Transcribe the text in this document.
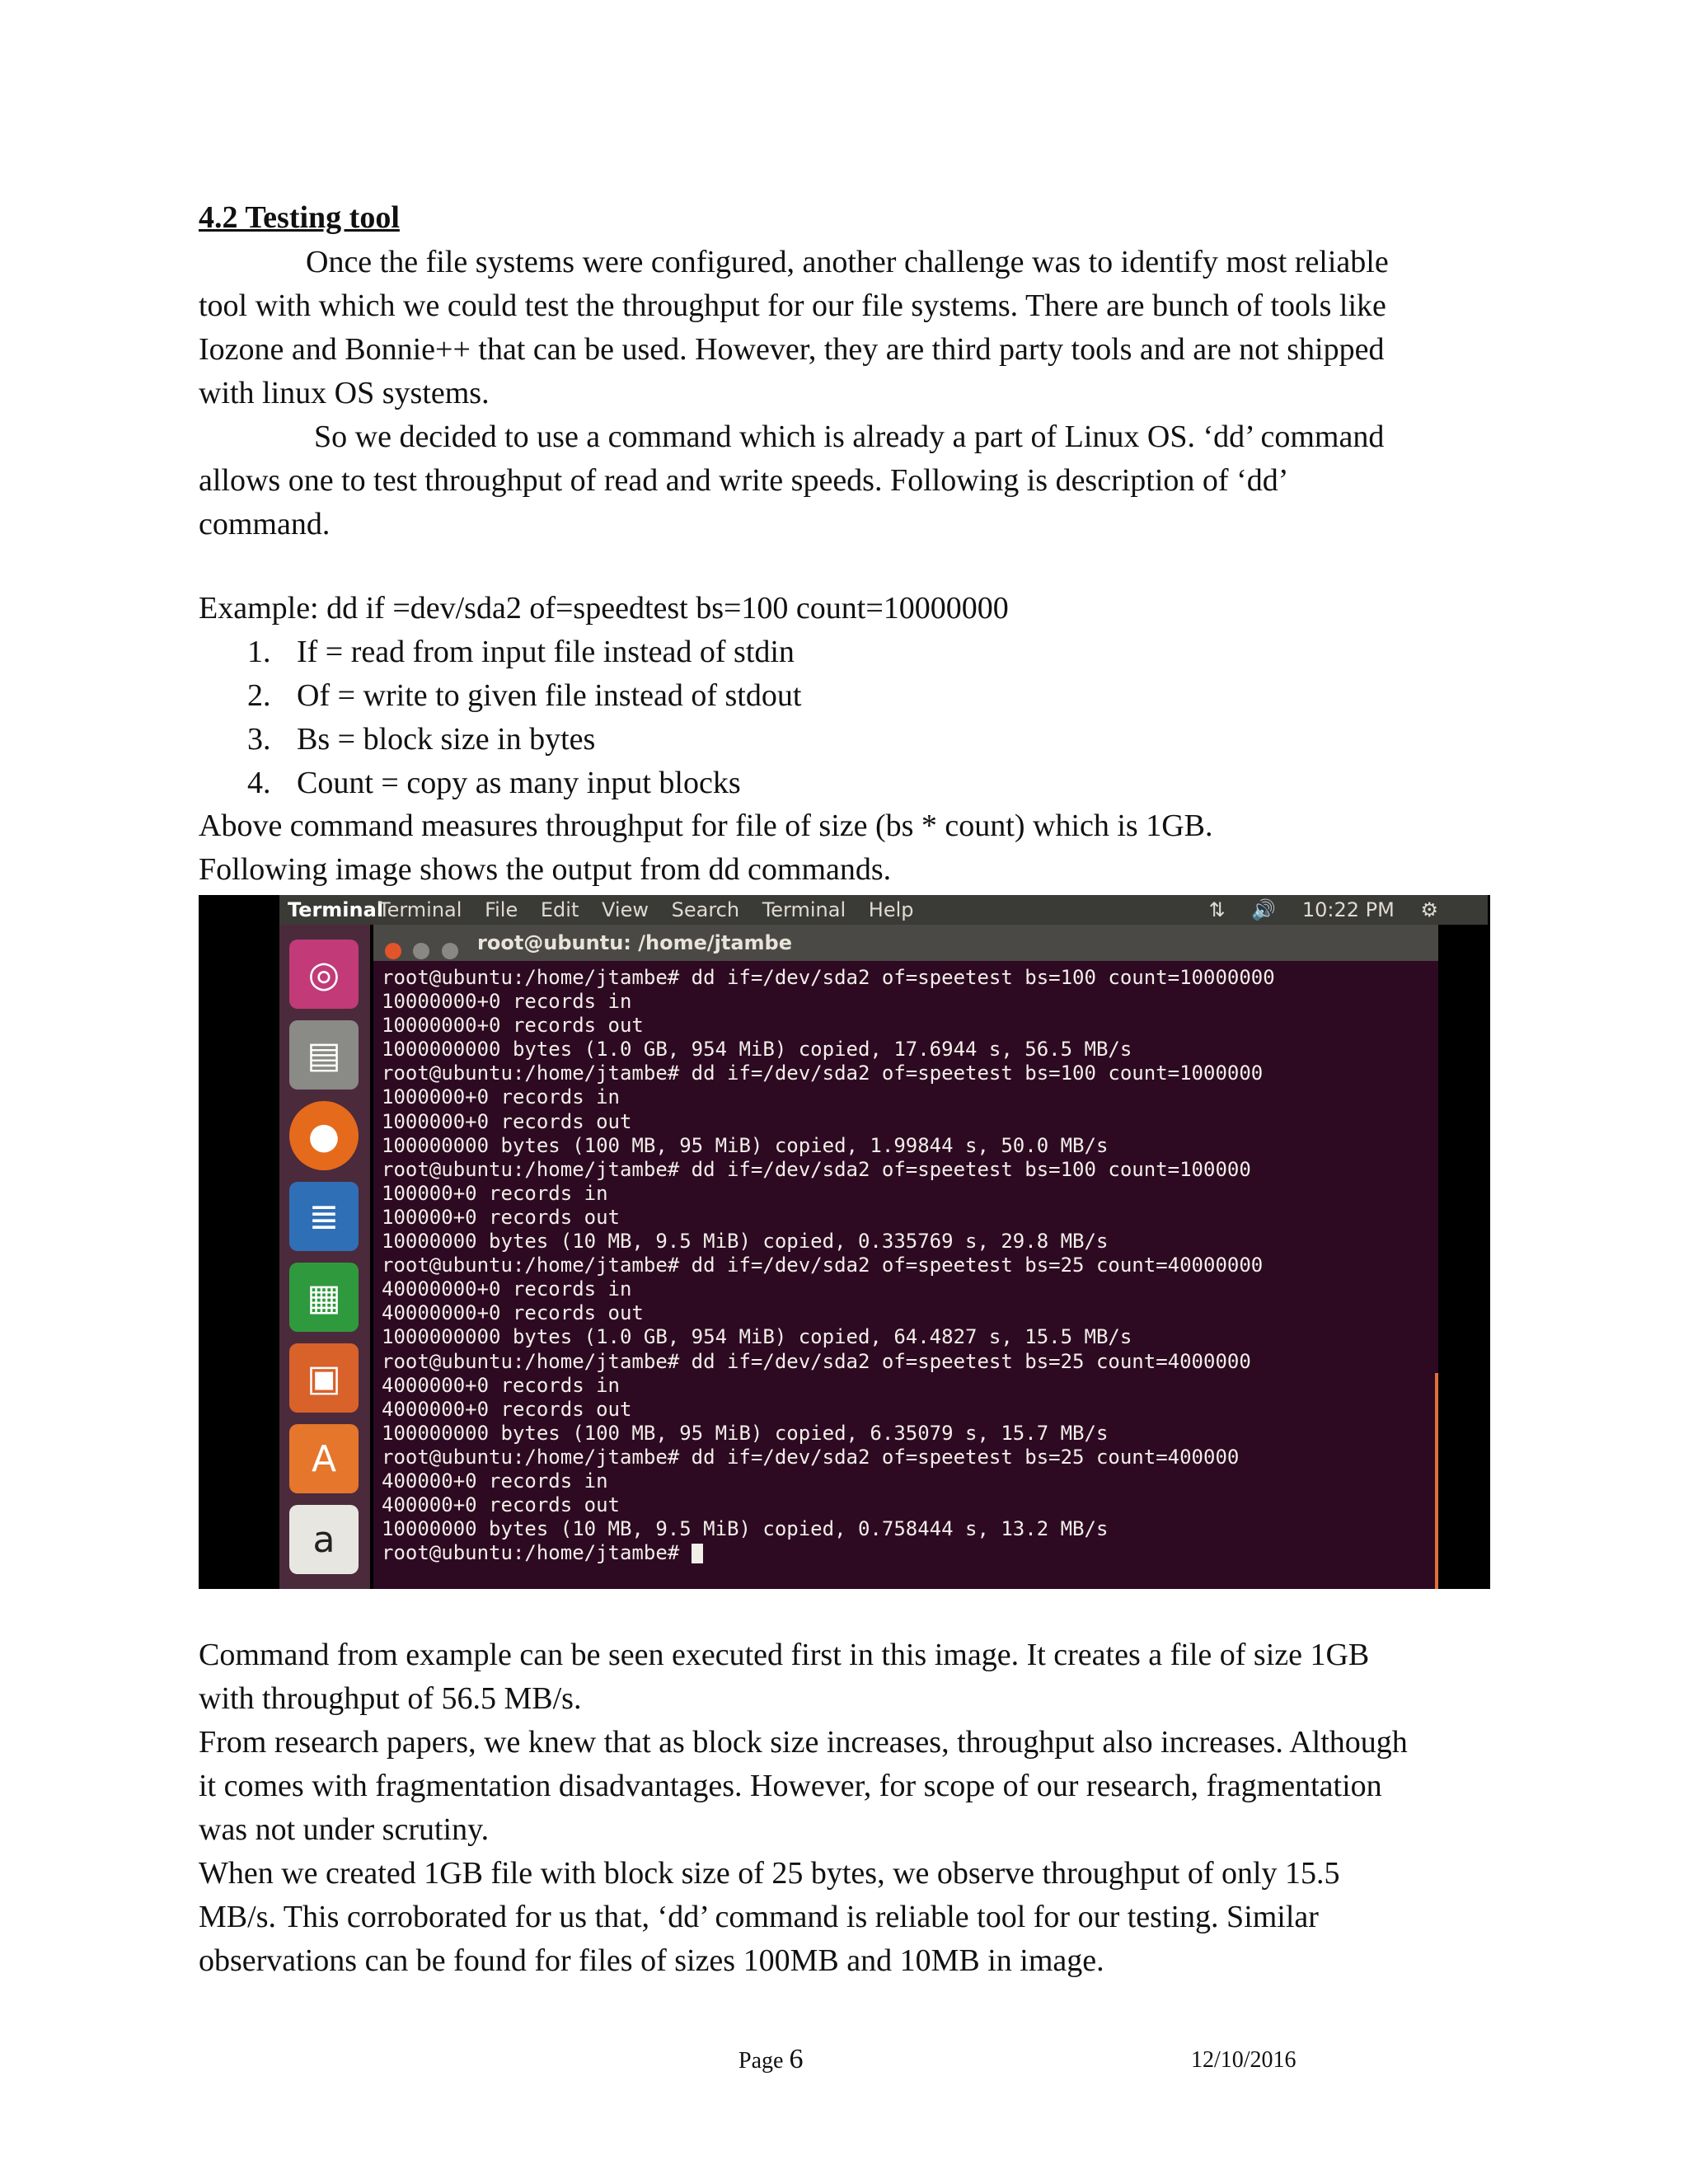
4.2 Testing tool
Once the file systems were configured, another challenge was to identify most reliable
tool with which we could test the throughput for our file systems. There are bunch of tools like
Iozone and Bonnie++ that can be used. However, they are third party tools and are not shipped
with linux OS systems.
So we decided to use a command which is already a part of Linux OS. ‘dd’ command
allows one to test throughput of read and write speeds. Following is description of ‘dd’
command.
Example: dd if =dev/sda2 of=speedtest bs=100 count=10000000
1. If = read from input file instead of stdin
2. Of = write to given file instead of stdout
3. Bs = block size in bytes
4. Count = copy as many input blocks
Above command measures throughput for file of size (bs * count) which is 1GB.
Following image shows the output from dd commands.
Terminal
Terminal File Edit View Search Terminal Help	⇅ 🔊 10:22 PM ⚙
◎
▤
●
≣
▦
▣
A
a

root@ubuntu: /home/jtambe
root@ubuntu:/home/jtambe# dd if=/dev/sda2 of=speetest bs=100 count=10000000
10000000+0 records in
10000000+0 records out
1000000000 bytes (1.0 GB, 954 MiB) copied, 17.6944 s, 56.5 MB/s
root@ubuntu:/home/jtambe# dd if=/dev/sda2 of=speetest bs=100 count=1000000
1000000+0 records in
1000000+0 records out
100000000 bytes (100 MB, 95 MiB) copied, 1.99844 s, 50.0 MB/s
root@ubuntu:/home/jtambe# dd if=/dev/sda2 of=speetest bs=100 count=100000
100000+0 records in
100000+0 records out
10000000 bytes (10 MB, 9.5 MiB) copied, 0.335769 s, 29.8 MB/s
root@ubuntu:/home/jtambe# dd if=/dev/sda2 of=speetest bs=25 count=40000000
40000000+0 records in
40000000+0 records out
1000000000 bytes (1.0 GB, 954 MiB) copied, 64.4827 s, 15.5 MB/s
root@ubuntu:/home/jtambe# dd if=/dev/sda2 of=speetest bs=25 count=4000000
4000000+0 records in
4000000+0 records out
100000000 bytes (100 MB, 95 MiB) copied, 6.35079 s, 15.7 MB/s
root@ubuntu:/home/jtambe# dd if=/dev/sda2 of=speetest bs=25 count=400000
400000+0 records in
400000+0 records out
10000000 bytes (10 MB, 9.5 MiB) copied, 0.758444 s, 13.2 MB/s
root@ubuntu:/home/jtambe#
Command from example can be seen executed first in this image. It creates a file of size 1GB
with throughput of 56.5 MB/s.
From research papers, we knew that as block size increases, throughput also increases. Although
it comes with fragmentation disadvantages. However, for scope of our research, fragmentation
was not under scrutiny.
When we created 1GB file with block size of 25 bytes, we observe throughput of only 15.5
MB/s. This corroborated for us that, ‘dd’ command is reliable tool for our testing. Similar
observations can be found for files of sizes 100MB and 10MB in image.
Page 6	12/10/2016
